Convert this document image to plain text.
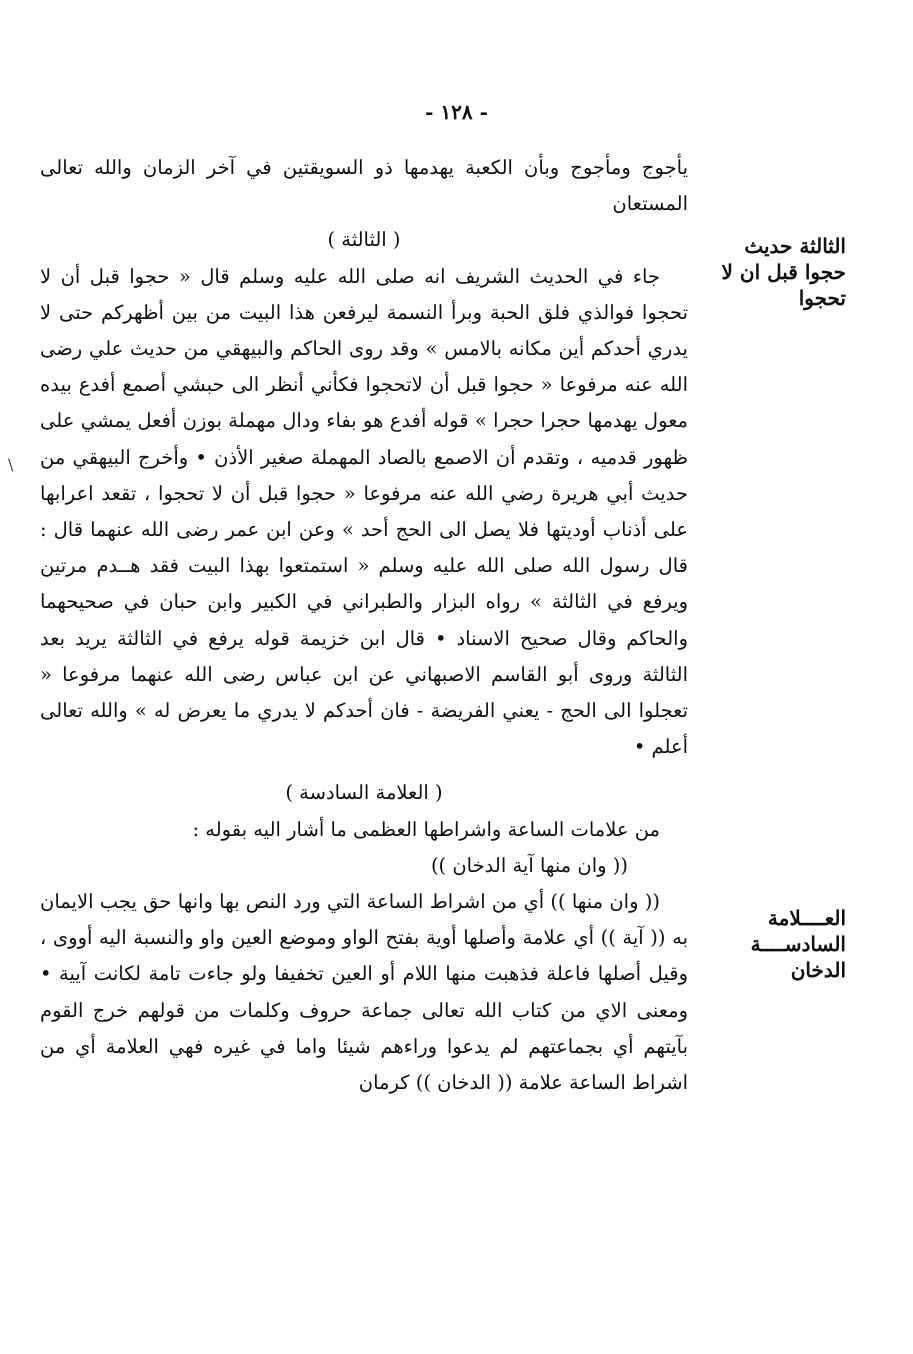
- ١٢٨ -
الثالثة حديث حجوا قبل ان لا تحجوا
العــــلامة السادســــة الدخان
\

يأجوج ومأجوج وبأن الكعبة يهدمها ذو السويقتين في آخر الزمان والله تعالى المستعان

( الثالثة )

جاء في الحديث الشريف انه صلى الله عليه وسلم قال « حجوا قبل أن لا تحجوا فوالذي فلق الحبة وبرأ النسمة ليرفعن هذا البيت من بين أظهركم حتى لا يدري أحدكم أين مكانه بالامس » وقد روى الحاكم والبيهقي من حديث علي رضى الله عنه مرفوعا « حجوا قبل أن لاتحجوا فكأني أنظر الى حبشي أصمع أفدع بيده معول يهدمها حجرا حجرا » قوله أفدع هو بفاء ودال مهملة بوزن أفعل يمشي على ظهور قدميه ، وتقدم أن الاصمع بالصاد المهملة صغير الأذن • وأخرج البيهقي من حديث أبي هريرة رضي الله عنه مرفوعا « حجوا قبل أن لا تحجوا ، تقعد اعرابها على أذناب أوديتها فلا يصل الى الحج أحد » وعن ابن عمر رضى الله عنهما قال : قال رسول الله صلى الله عليه وسلم « استمتعوا بهذا البيت فقد هــدم مرتين ويرفع في الثالثة » رواه البزار والطبراني في الكبير وابن حبان في صحيحهما والحاكم وقال صحيح الاسناد • قال ابن خزيمة قوله يرفع في الثالثة يريد بعد الثالثة وروى أبو القاسم الاصبهاني عن ابن عباس رضى الله عنهما مرفوعا « تعجلوا الى الحج - يعني الفريضة - فان أحدكم لا يدري ما يعرض له » والله تعالى أعلم •

( العلامة السادسة )

من علامات الساعة واشراطها العظمى ما أشار اليه بقوله :

(( وان منها آية الدخان ))

(( وان منها )) أي من اشراط الساعة التي ورد النص بها وانها حق يجب الايمان به (( آية )) أي علامة وأصلها أوية بفتح الواو وموضع العين واو والنسبة اليه أووى ، وقيل أصلها فاعلة فذهبت منها اللام أو العين تخفيفا ولو جاءت تامة لكانت آيية • ومعنى الاي من كتاب الله تعالى جماعة حروف وكلمات من قولهم خرج القوم بآيتهم أي بجماعتهم لم يدعوا وراءهم شيئا واما في غيره فهي العلامة أي من اشراط الساعة علامة (( الدخان )) كرمان
